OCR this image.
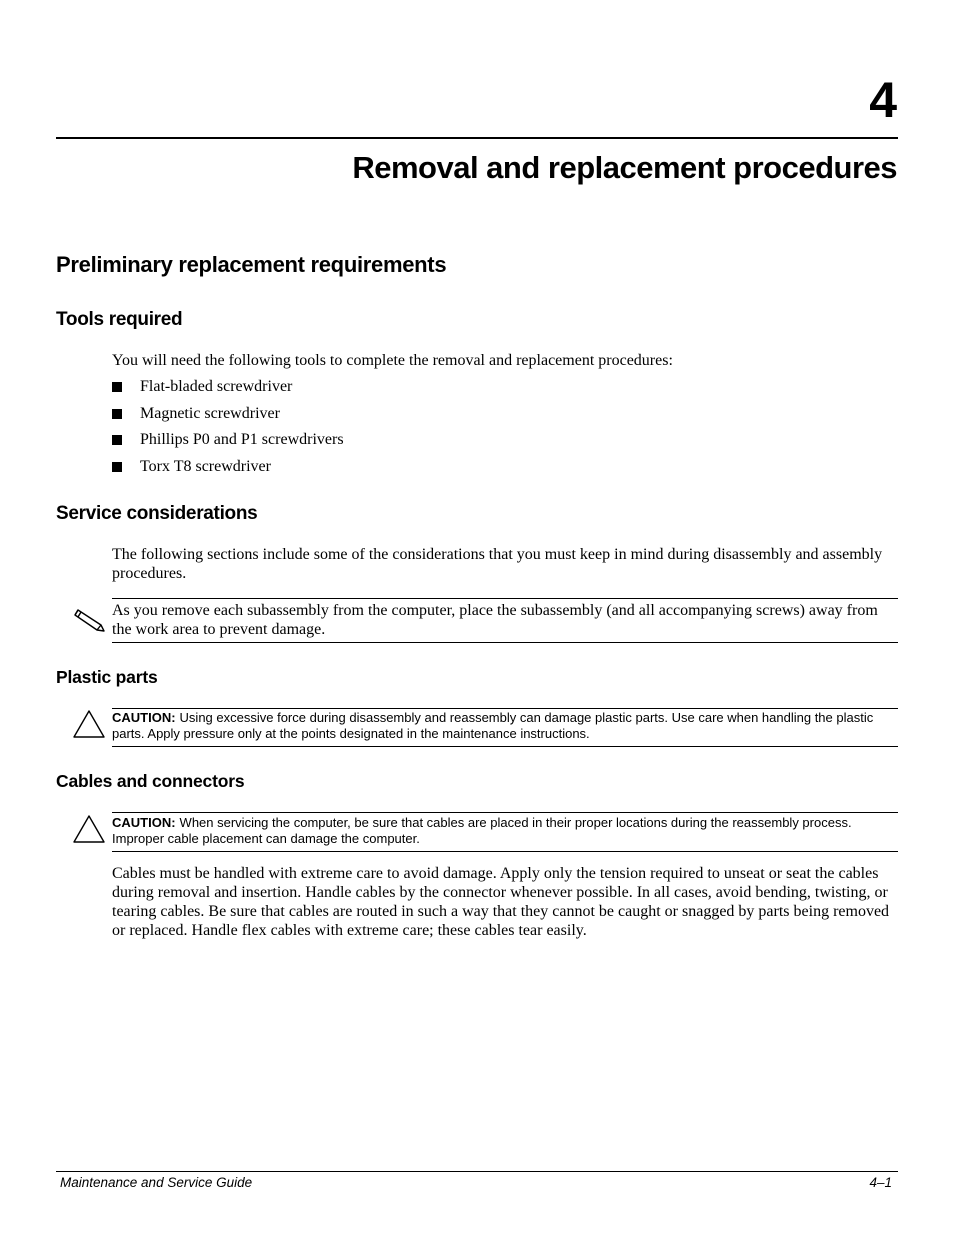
4
Removal and replacement procedures
Preliminary replacement requirements
Tools required
You will need the following tools to complete the removal and replacement procedures:
Flat-bladed screwdriver
Magnetic screwdriver
Phillips P0 and P1 screwdrivers
Torx T8 screwdriver
Service considerations
The following sections include some of the considerations that you must keep in mind during disassembly and assembly procedures.
As you remove each subassembly from the computer, place the subassembly (and all accompanying screws) away from the work area to prevent damage.
Plastic parts
CAUTION: Using excessive force during disassembly and reassembly can damage plastic parts. Use care when handling the plastic parts. Apply pressure only at the points designated in the maintenance instructions.
Cables and connectors
CAUTION: When servicing the computer, be sure that cables are placed in their proper locations during the reassembly process. Improper cable placement can damage the computer.
Cables must be handled with extreme care to avoid damage. Apply only the tension required to unseat or seat the cables during removal and insertion. Handle cables by the connector whenever possible. In all cases, avoid bending, twisting, or tearing cables. Be sure that cables are routed in such a way that they cannot be caught or snagged by parts being removed or replaced. Handle flex cables with extreme care; these cables tear easily.
Maintenance and Service Guide	4–1
